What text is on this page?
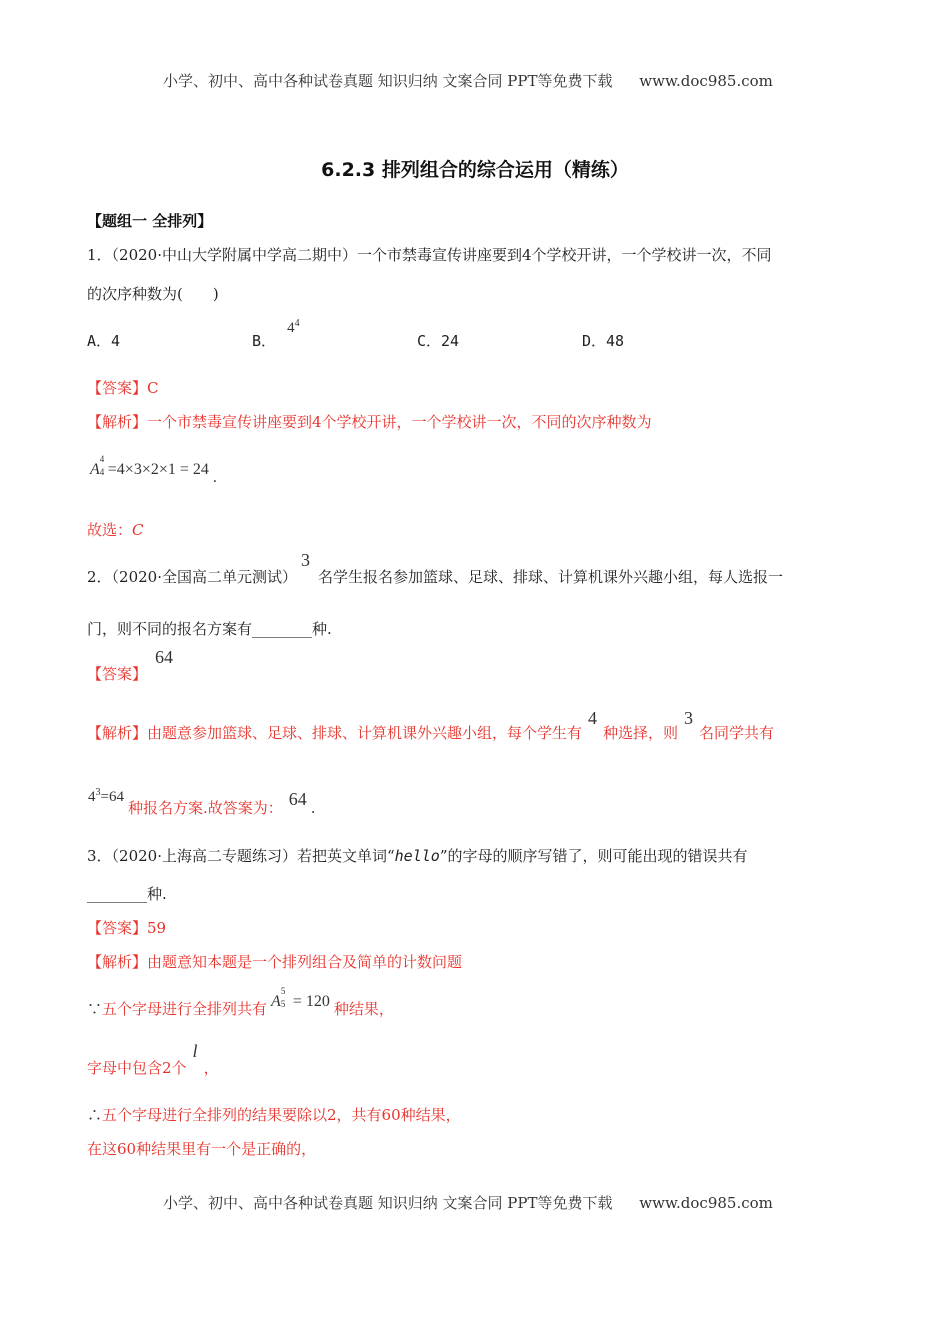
小学、初中、高中各种试卷真题 知识归纳 文案合同 PPT等免费下载 www.doc985.com
6.2.3 排列组合的综合运用（精练）
【题组一 全排列】
1．（2020·中山大学附属中学高二期中）一个市禁毒宣传讲座要到4个学校开讲，一个学校讲一次，不同
的次序种数为(　　)
A．4	B． $4^4$
C．24	D．48
【答案】C
【解析】一个市禁毒宣传讲座要到4个学校开讲，一个学校讲一次，不同的次序种数为
A
4
4 =4×3×2×1 = 24 .
故选：C
2．（2020·全国高二单元测试）3名学生报名参加篮球、足球、排球、计算机课外兴趣小组，每人选报一
门，则不同的报名方案有________种.
【答案】64
【解析】由题意参加篮球、足球、排球、计算机课外兴趣小组，每个学生有4种选择，则3名同学共有
$4^3=64$种报名方案.故答案为： 64 .
3．（2020·上海高二专题练习）若把英文单词“hello”的字母的顺序写错了，则可能出现的错误共有
________种.
【答案】59
【解析】由题意知本题是一个排列组合及简单的计数问题
∵五个字母进行全排列共有 A
5
5 = 120 种结果，
字母中包含2个l，
∴五个字母进行全排列的结果要除以2，共有60种结果，
在这60种结果里有一个是正确的，
小学、初中、高中各种试卷真题 知识归纳 文案合同 PPT等免费下载 www.doc985.com
